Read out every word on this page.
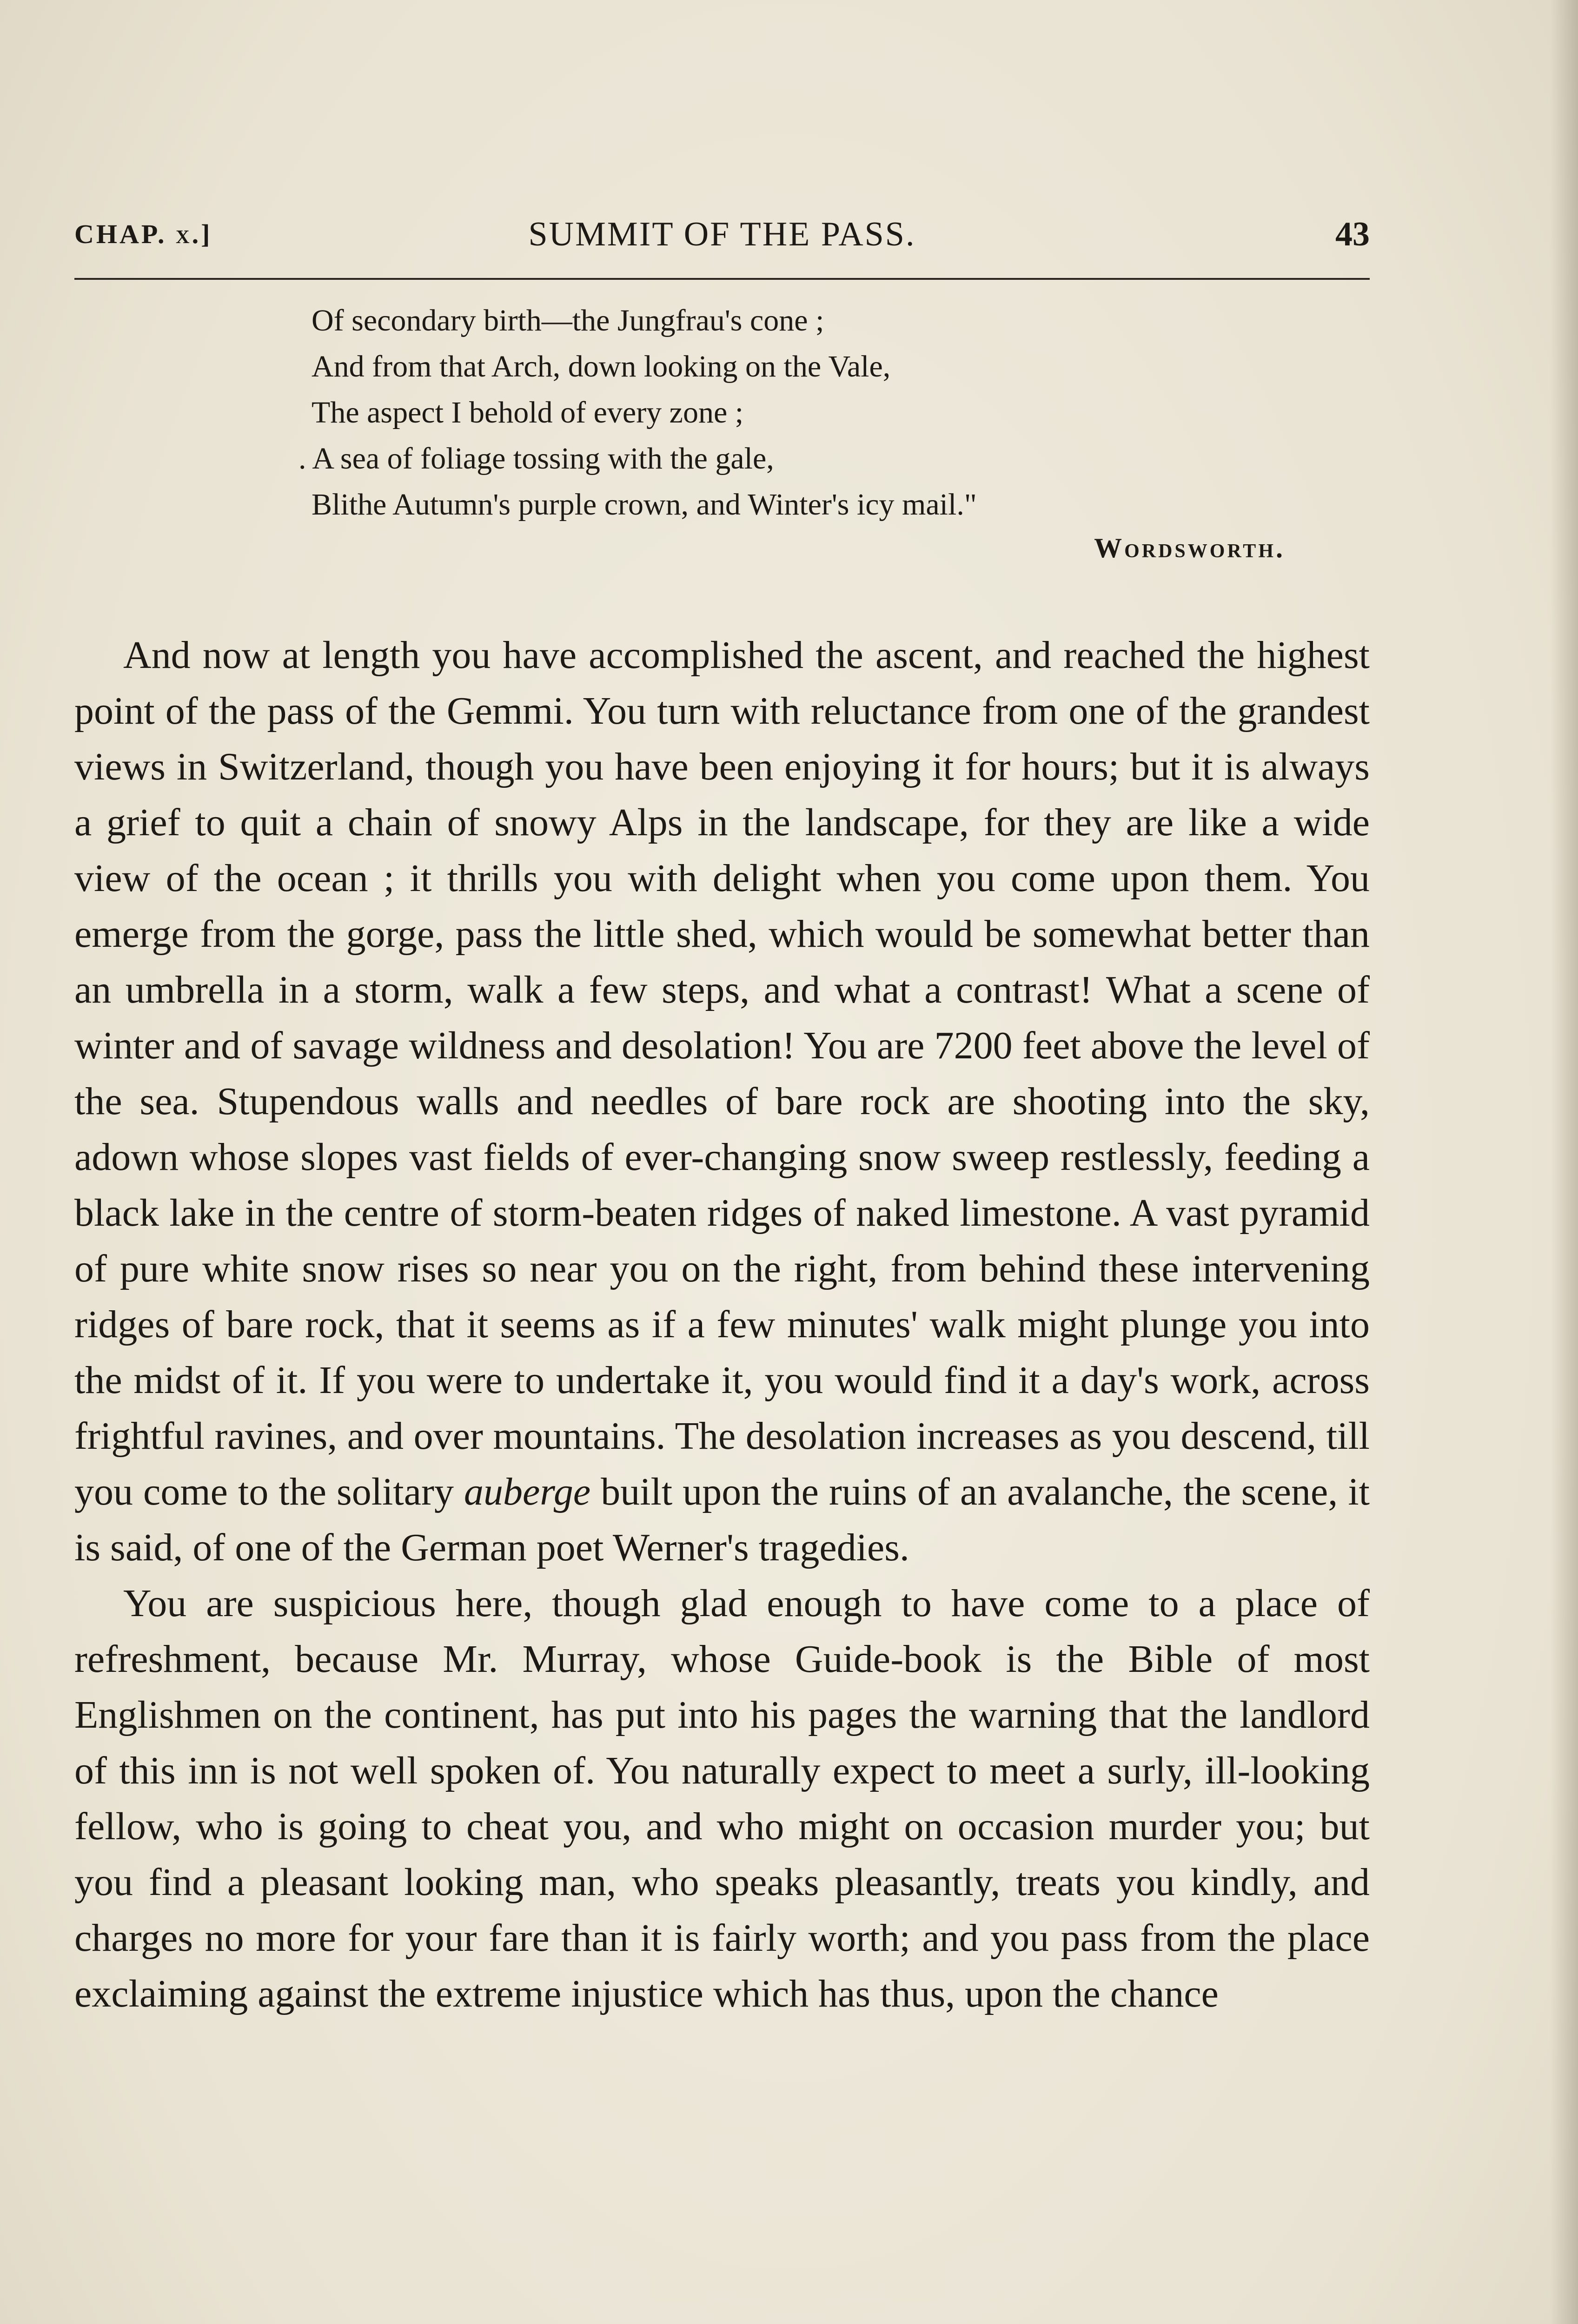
CHAP. x.]	SUMMIT OF THE PASS.	43
Of secondary birth—the Jungfrau's cone ;
And from that Arch, down looking on the Vale,
The aspect I behold of every zone ;
. A sea of foliage tossing with the gale,
Blithe Autumn's purple crown, and Winter's icy mail."
Wordsworth.

And now at length you have accomplished the ascent, and reached the highest point of the pass of the Gemmi. You turn with reluctance from one of the grandest views in Switzerland, though you have been enjoying it for hours; but it is always a grief to quit a chain of snowy Alps in the landscape, for they are like a wide view of the ocean ; it thrills you with delight when you come upon them. You emerge from the gorge, pass the little shed, which would be somewhat better than an umbrella in a storm, walk a few steps, and what a contrast! What a scene of winter and of savage wildness and desolation! You are 7200 feet above the level of the sea. Stupendous walls and needles of bare rock are shooting into the sky, adown whose slopes vast fields of ever-changing snow sweep restlessly, feeding a black lake in the centre of storm-beaten ridges of naked limestone. A vast pyramid of pure white snow rises so near you on the right, from behind these intervening ridges of bare rock, that it seems as if a few minutes' walk might plunge you into the midst of it. If you were to undertake it, you would find it a day's work, across frightful ravines, and over mountains. The desolation increases as you descend, till you come to the solitary auberge built upon the ruins of an avalanche, the scene, it is said, of one of the German poet Werner's tragedies.

You are suspicious here, though glad enough to have come to a place of refreshment, because Mr. Murray, whose Guide-book is the Bible of most Englishmen on the continent, has put into his pages the warning that the landlord of this inn is not well spoken of. You naturally expect to meet a surly, ill-looking fellow, who is going to cheat you, and who might on occasion murder you; but you find a pleasant looking man, who speaks pleasantly, treats you kindly, and charges no more for your fare than it is fairly worth; and you pass from the place exclaiming against the extreme injustice which has thus, upon the chance
